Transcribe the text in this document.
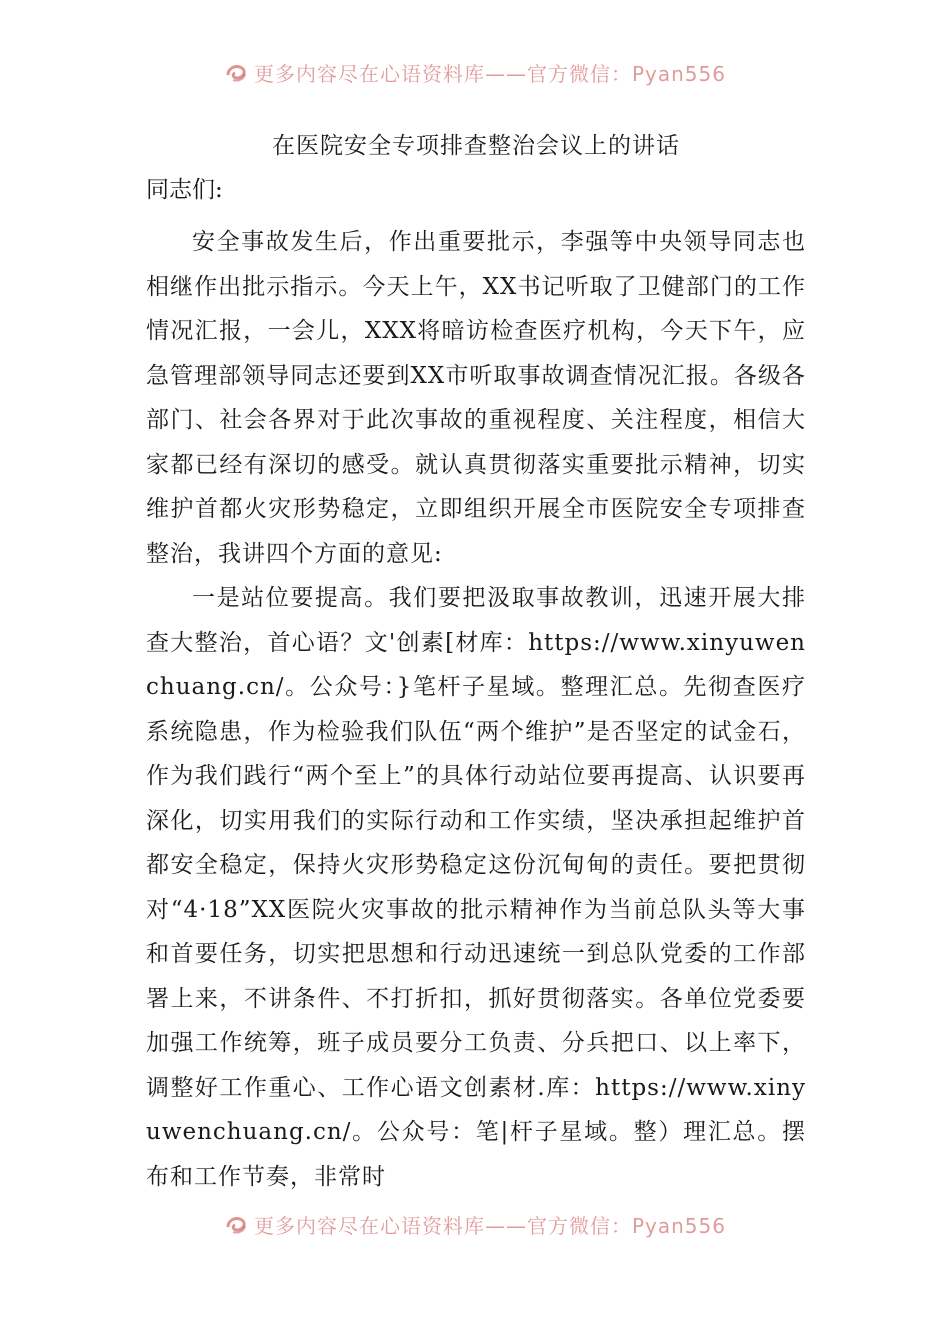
更多内容尽在心语资料库——官方微信：Pyan556
在医院安全专项排查整治会议上的讲话

同志们:

安全事故发生后，作出重要批示，李强等中央领导同志也相继作出批示指示。今天上午，XX书记听取了卫健部门的工作情况汇报，一会儿，XXX将暗访检查医疗机构，今天下午，应急管理部领导同志还要到XX市听取事故调查情况汇报。各级各部门、社会各界对于此次事故的重视程度、关注程度，相信大家都已经有深切的感受。就认真贯彻落实重要批示精神，切实维护首都火灾形势稳定，立即组织开展全市医院安全专项排查整治，我讲四个方面的意见:

一是站位要提高。我们要把汲取事故教训，迅速开展大排查大整治，首心语？文'创素[材库：https://www.xinyuwenchuang.cn/。公众号：}笔杆子星域。整理汇总。先彻查医疗系统隐患，作为检验我们队伍“两个维护”是否坚定的试金石，作为我们践行“两个至上”的具体行动站位要再提高、认识要再深化，切实用我们的实际行动和工作实绩，坚决承担起维护首都安全稳定，保持火灾形势稳定这份沉甸甸的责任。要把贯彻对“4·18”XX医院火灾事故的批示精神作为当前总队头等大事和首要任务，切实把思想和行动迅速统一到总队党委的工作部署上来，不讲条件、不打折扣，抓好贯彻落实。各单位党委要加强工作统筹，班子成员要分工负责、分兵把口、以上率下，调整好工作重心、工作心语文创素材.库：https://www.xinyuwenchuang.cn/。公众号：笔|杆子星域。整）理汇总。摆布和工作节奏，非常时

更多内容尽在心语资料库——官方微信：Pyan556
